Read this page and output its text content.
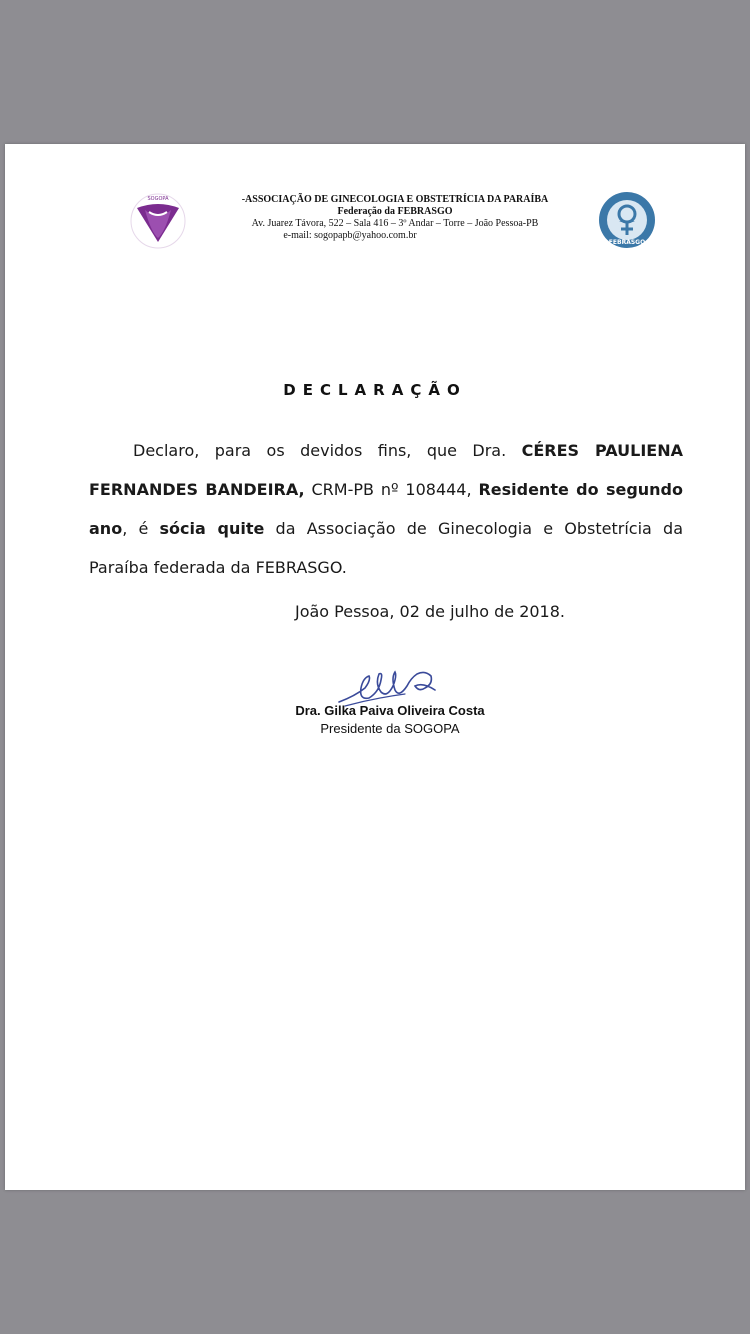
SOGOPA	-ASSOCIAÇÃO DE GINECOLOGIA E OBSTETRÍCIA DA PARAÍBA
Federação da FEBRASGO
Av. Juarez Távora, 522 – Sala 416 – 3º Andar – Torre – João Pessoa-PB
e-mail: sogopapb@yahoo.com.br
FEBRASGO
DECLARAÇÃO

Declaro, para os devidos fins, que Dra. CÉRES PAULIENA FERNANDES BANDEIRA, CRM-PB nº 108444, Residente do segundo ano, é sócia quite da Associação de Ginecologia e Obstetrícia da Paraíba federada da FEBRASGO.

João Pessoa, 02 de julho de 2018.
Dra. Gilka Paiva Oliveira Costa
Presidente da SOGOPA
